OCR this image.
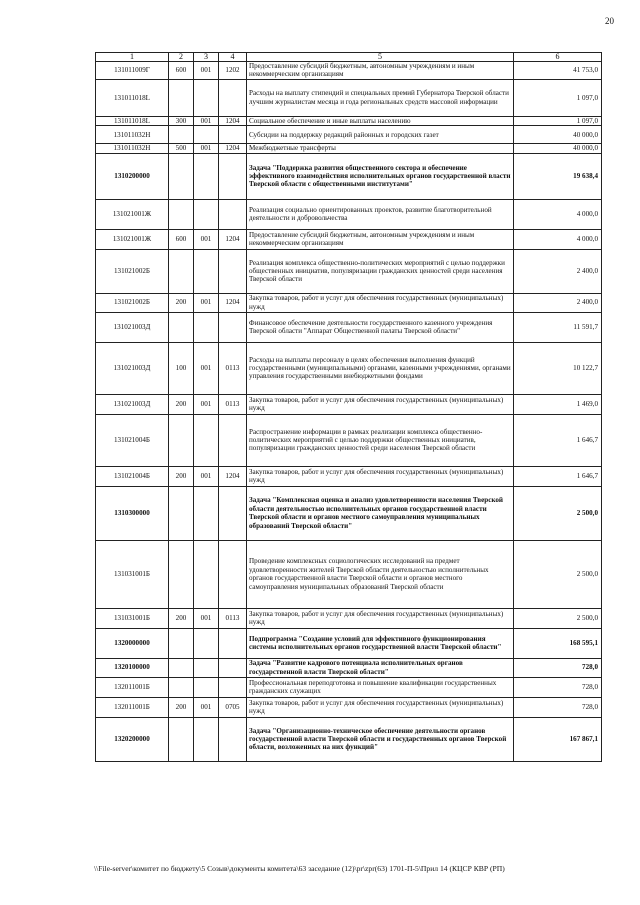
20
1	2	3	4	5	6
131011009Г	600	001	1202	Предоставление субсидий бюджетным, автономным учреждениям и иным некоммерческим организациям	41 753,0
131011018L				Расходы на выплату стипендий и специальных премий Губернатора Тверской области лучшим журналистам месяца и года региональных средств массовой информации	1 097,0
131011018L	300	001	1204	Социальное обеспечение и иные выплаты населению	1 097,0
131011032Н				Субсидии на поддержку редакций районных и городских газет	40 000,0
131011032Н	500	001	1204	Межбюджетные трансферты	40 000,0
1310200000				Задача "Поддержка развития общественного сектора и обеспечение эффективного взаимодействия исполнительных органов государственной власти Тверской области с общественными институтами"	19 638,4
131021001Ж				Реализация социально ориентированных проектов, развитие благотворительной деятельности и добровольчества	4 000,0
131021001Ж	600	001	1204	Предоставление субсидий бюджетным, автономным учреждениям и иным некоммерческим организациям	4 000,0
131021002Б				Реализация комплекса общественно-политических мероприятий с целью поддержки общественных инициатив, популяризации гражданских ценностей среди населения Тверской области	2 400,0
131021002Б	200	001	1204	Закупка товаров, работ и услуг для обеспечения государственных (муниципальных) нужд	2 400,0
131021003Д				Финансовое обеспечение деятельности государственного казенного учреждения Тверской области "Аппарат Общественной палаты Тверской области"	11 591,7
131021003Д	100	001	0113	Расходы на выплаты персоналу в целях обеспечения выполнения функций государственными (муниципальными) органами, казенными учреждениями, органами управления государственными внебюджетными фондами	10 122,7
131021003Д	200	001	0113	Закупка товаров, работ и услуг для обеспечения государственных (муниципальных) нужд	1 469,0
131021004Б				Распространение информации в рамках реализации комплекса общественно-политических мероприятий с целью поддержки общественных инициатив, популяризации гражданских ценностей среди населения Тверской области	1 646,7
131021004Б	200	001	1204	Закупка товаров, работ и услуг для обеспечения государственных (муниципальных) нужд	1 646,7
1310300000				Задача "Комплексная оценка и анализ удовлетворенности населения Тверской области деятельностью исполнительных органов государственной власти Тверской области и органов местного самоуправления муниципальных образований Тверской области"	2 500,0
131031001Б				Проведение комплексных социологических исследований на предмет удовлетворенности жителей Тверской области деятельностью исполнительных органов государственной власти Тверской области и органов местного самоуправления муниципальных образований Тверской области	2 500,0
131031001Б	200	001	0113	Закупка товаров, работ и услуг для обеспечения государственных (муниципальных) нужд	2 500,0
1320000000				Подпрограмма "Создание условий для эффективного функционирования системы исполнительных органов государственной власти Тверской области"	168 595,1
1320100000				Задача "Развитие кадрового потенциала исполнительных органов государственной власти Тверской области"	728,0
132011001Б				Профессиональная переподготовка и повышение квалификации государственных гражданских служащих	728,0
132011001Б	200	001	0705	Закупка товаров, работ и услуг для обеспечения государственных (муниципальных) нужд	728,0
1320200000				Задача "Организационно-техническое обеспечение деятельности органов государственной власти Тверской области и государственных органов Тверской области, возложенных на них функций"	167 867,1
\\File-server\комитет по бюджету\5 Созыв\документы комитета\63 заседание (12)\pr\zpr(63) 1701-П-5\Прил 14 (КЦСР КВР (РП)
